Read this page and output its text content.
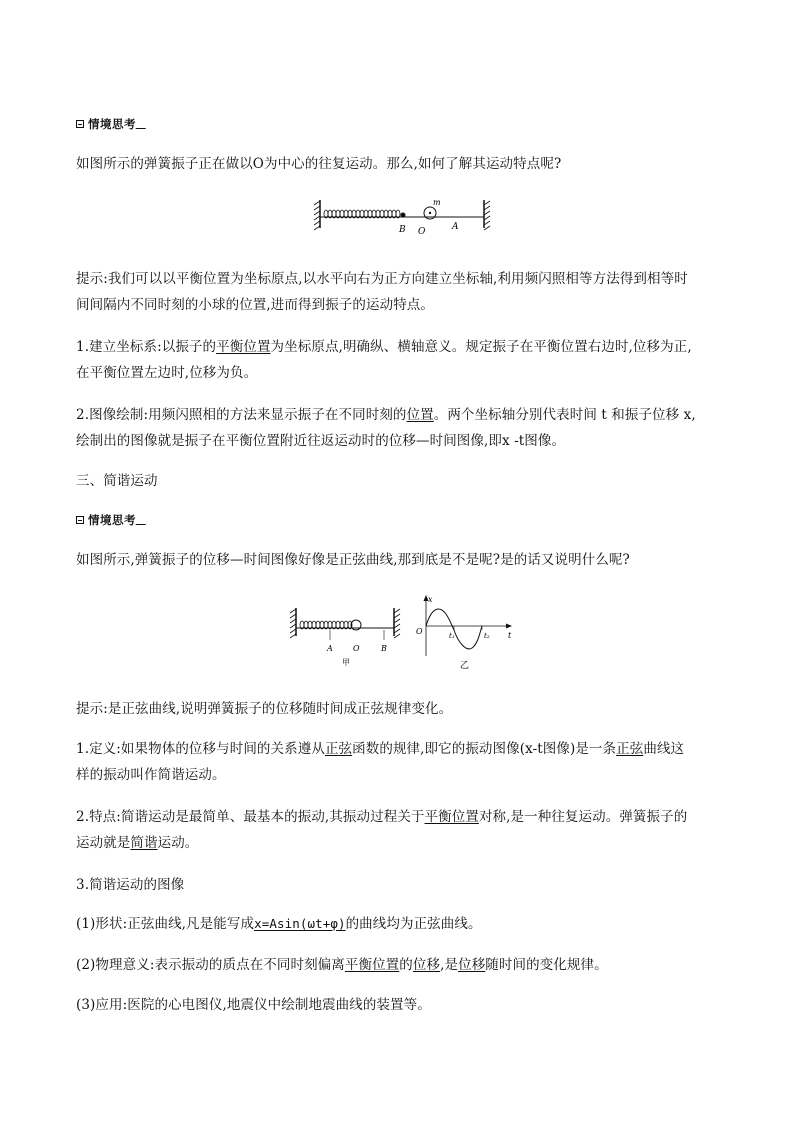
情境思考
如图所示的弹簧振子正在做以O为中心的往复运动。那么,如何了解其运动特点呢?
m
B O	A
提示:我们可以以平衡位置为坐标原点,以水平向右为正方向建立坐标轴,利用频闪照相等方法得到相等时
间间隔内不同时刻的小球的位置,进而得到振子的运动特点。
1.建立坐标系:以振子的平衡位置为坐标原点,明确纵、横轴意义。规定振子在平衡位置右边时,位移为正,
在平衡位置左边时,位移为负。
2.图像绘制:用频闪照相的方法来显示振子在不同时刻的位置。两个坐标轴分别代表时间 t 和振子位移 x,
绘制出的图像就是振子在平衡位置附近往返运动时的位移—时间图像,即x -t图像。
三、简谐运动
情境思考
如图所示,弹簧振子的位移—时间图像好像是正弦曲线,那到底是不是呢?是的话又说明什么呢?
A	O	B
甲
x
O	t₁	t₂ t
乙
提示:是正弦曲线,说明弹簧振子的位移随时间成正弦规律变化。
1.定义:如果物体的位移与时间的关系遵从正弦函数的规律,即它的振动图像(x-t图像)是一条正弦曲线这
样的振动叫作简谐运动。
2.特点:简谐运动是最简单、最基本的振动,其振动过程关于平衡位置对称,是一种往复运动。弹簧振子的
运动就是简谐运动。
3.简谐运动的图像
(1)形状:正弦曲线,凡是能写成x=Asin(ωt+φ)的曲线均为正弦曲线。
(2)物理意义:表示振动的质点在不同时刻偏离平衡位置的位移,是位移随时间的变化规律。
(3)应用:医院的心电图仪,地震仪中绘制地震曲线的装置等。
